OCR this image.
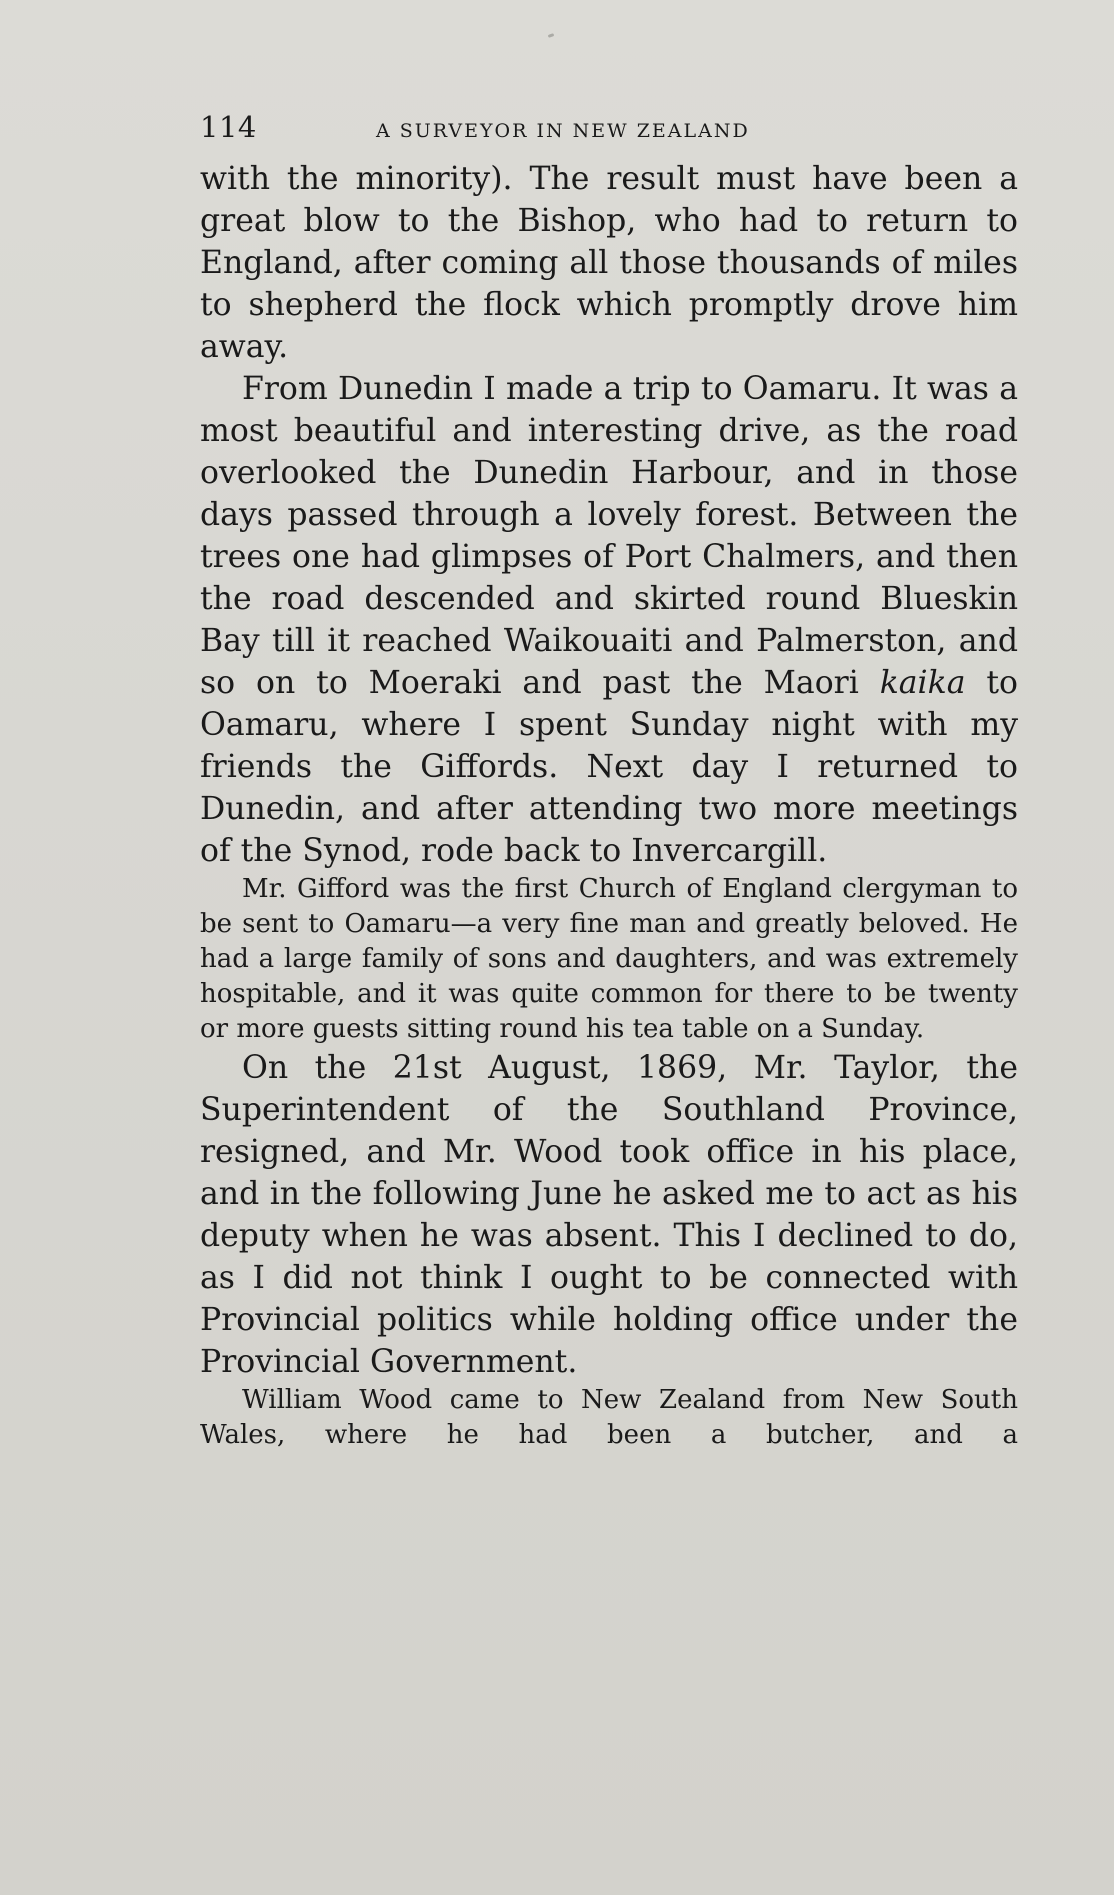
114	A SURVEYOR IN NEW ZEALAND

with the minority). The result must have been a great blow to the Bishop, who had to return to England, after coming all those thousands of miles to shepherd the flock which promptly drove him away.

From Dunedin I made a trip to Oamaru. It was a most beautiful and interesting drive, as the road overlooked the Dunedin Harbour, and in those days passed through a lovely forest. Between the trees one had glimpses of Port Chalmers, and then the road descended and skirted round Blueskin Bay till it reached Waikouaiti and Palmerston, and so on to Moeraki and past the Maori kaika to Oamaru, where I spent Sunday night with my friends the Giffords. Next day I returned to Dunedin, and after attending two more meetings of the Synod, rode back to Invercargill.

Mr. Gifford was the first Church of England clergyman to be sent to Oamaru—a very fine man and greatly beloved. He had a large family of sons and daughters, and was extremely hospitable, and it was quite common for there to be twenty or more guests sitting round his tea table on a Sunday.

On the 21st August, 1869, Mr. Taylor, the Superintendent of the Southland Province, resigned, and Mr. Wood took office in his place, and in the following June he asked me to act as his deputy when he was absent. This I declined to do, as I did not think I ought to be connected with Provincial politics while holding office under the Provincial Government.

William Wood came to New Zealand from New South Wales, where he had been a butcher, and a
